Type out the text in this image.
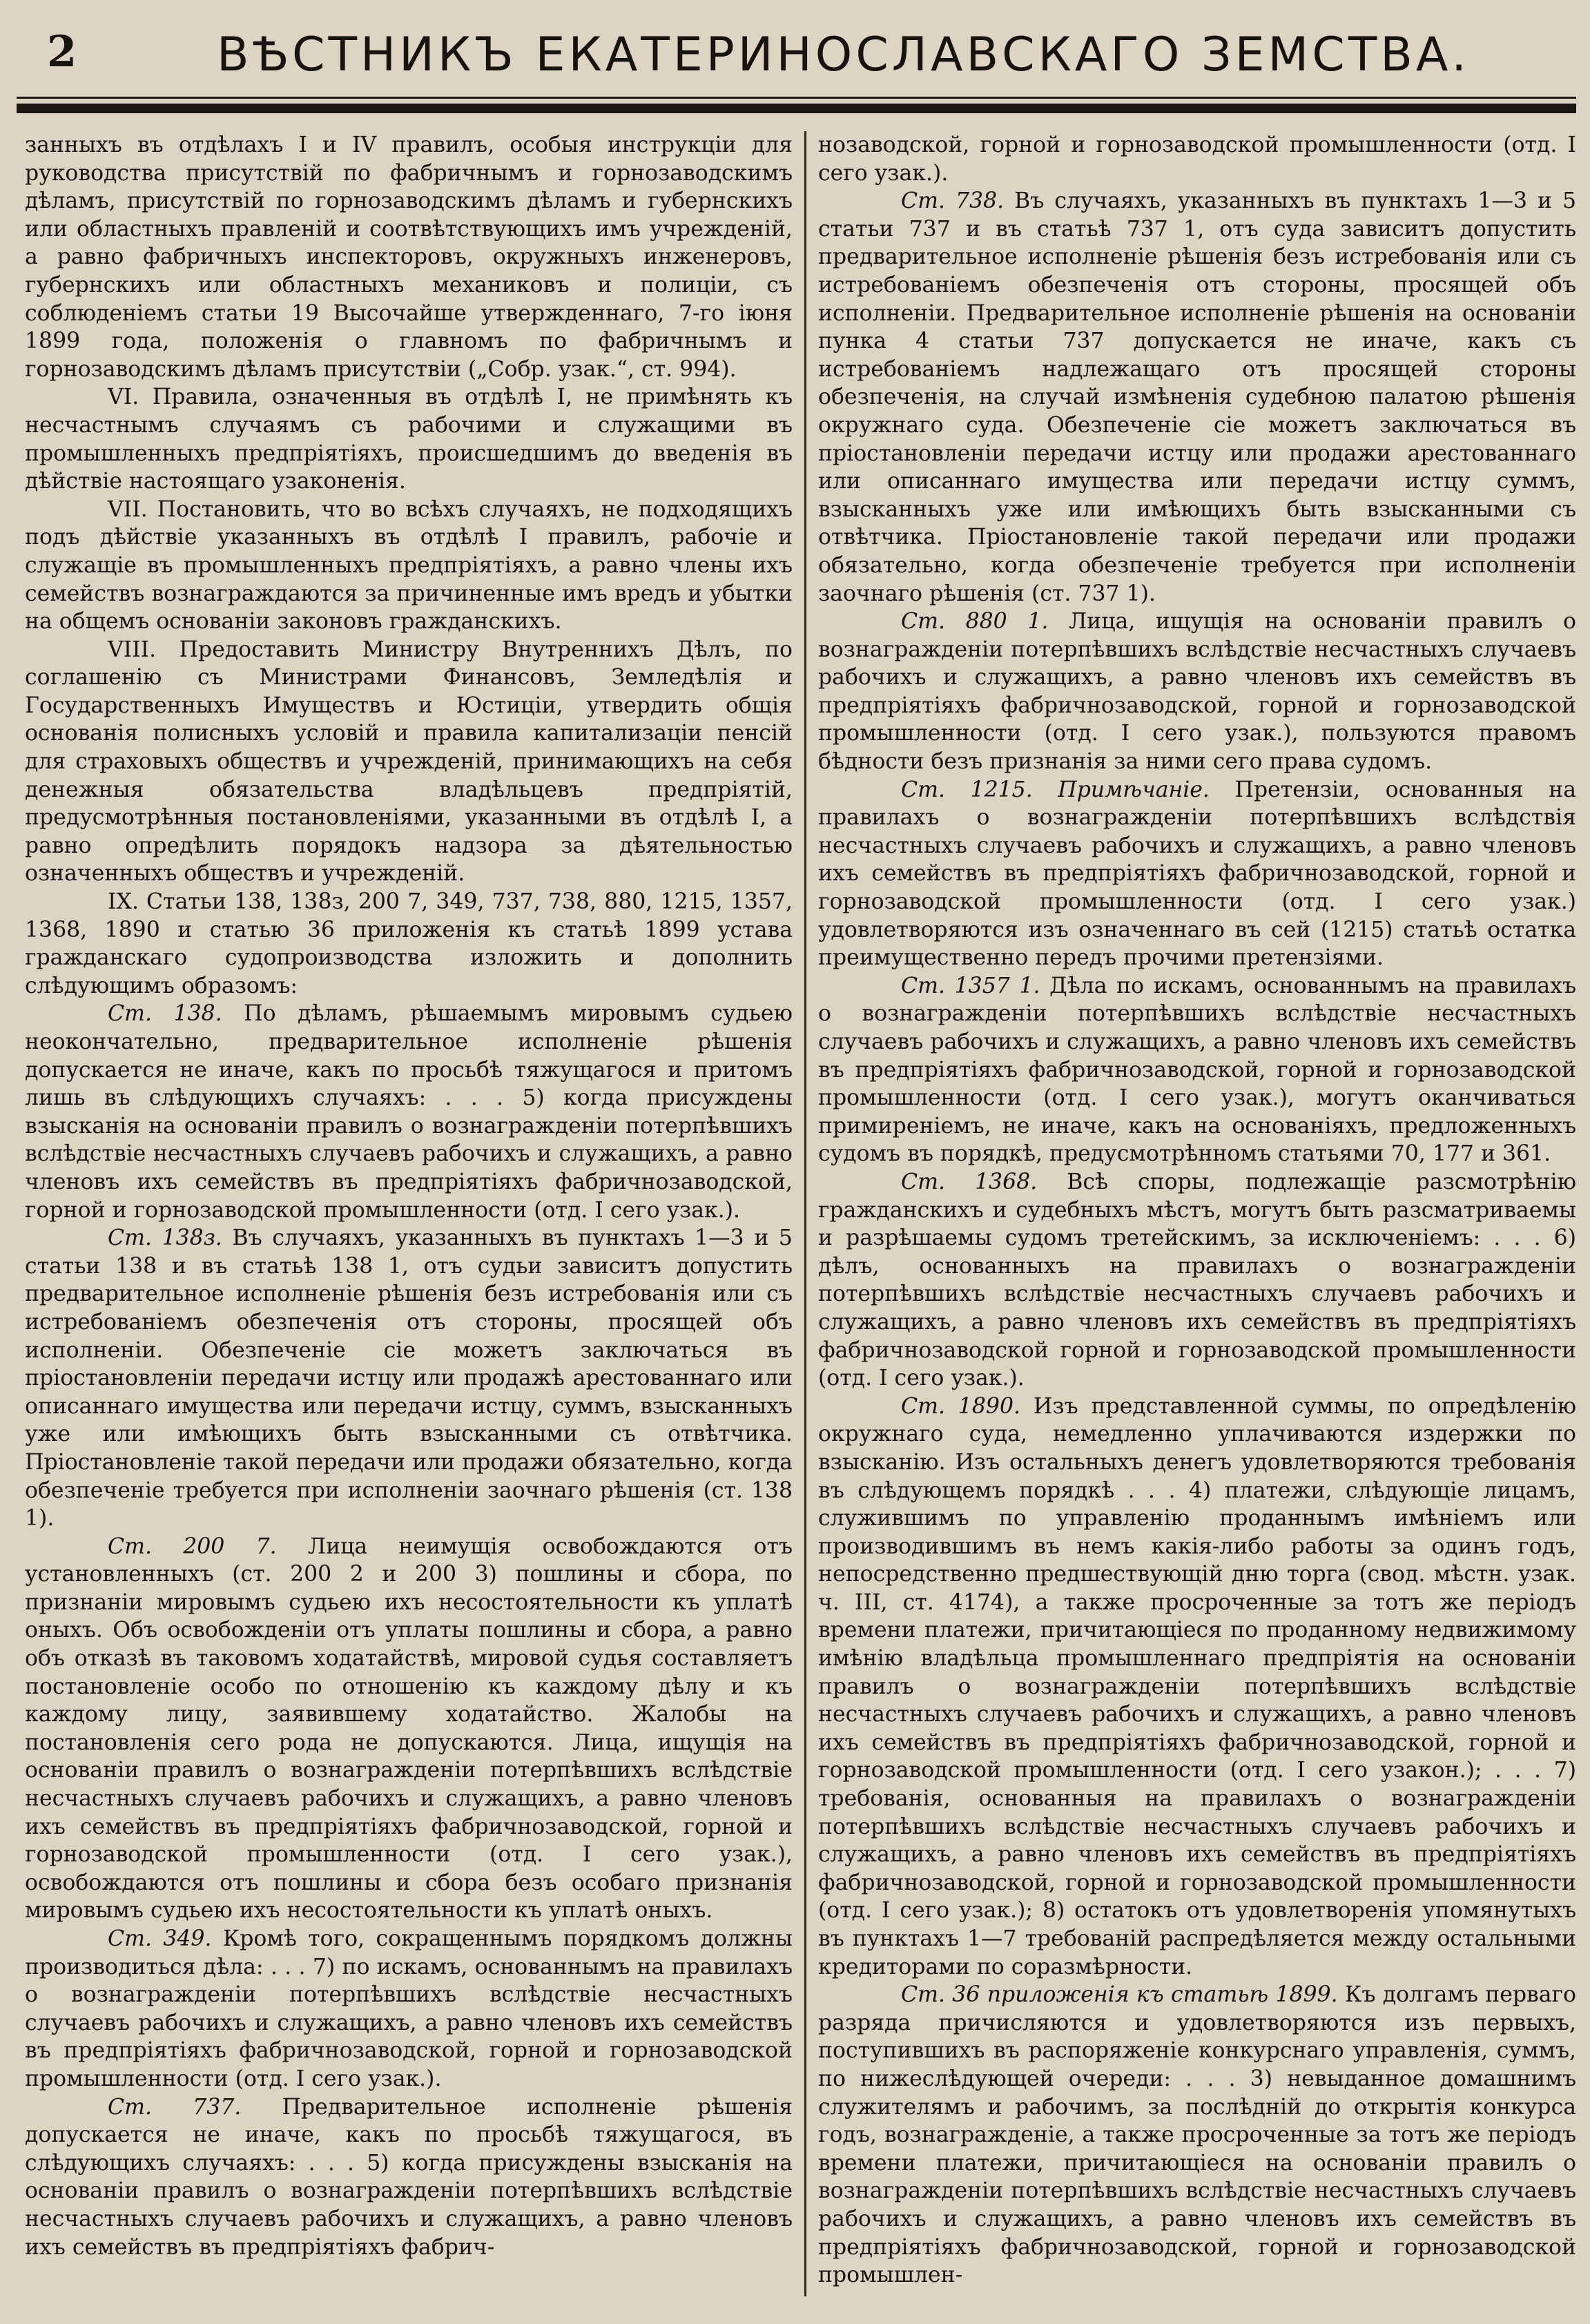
2	ВѢСТНИКЪ ЕКАТЕРИНОСЛАВСКАГО ЗЕМСТВА.

занныхъ въ отдѣлахъ I и IV правилъ, особыя инструкціи для руководства присутствій по фабричнымъ и горнозаводскимъ дѣламъ, присутствій по горнозаводскимъ дѣламъ и губернскихъ или областныхъ правленій и соотвѣтствующихъ имъ учрежденій, а равно фабричныхъ инспекторовъ, окружныхъ инженеровъ, губернскихъ или областныхъ механиковъ и полиціи, съ соблюденіемъ статьи 19 Высочайше утвержденнаго, 7-го іюня 1899 года, положенія о главномъ по фабричнымъ и горнозаводскимъ дѣламъ присутствіи („Собр. узак.“, ст. 994).

VI. Правила, означенныя въ отдѣлѣ I, не примѣнять къ несчастнымъ случаямъ съ рабочими и служащими въ промышленныхъ предпріятіяхъ, происшедшимъ до введенія въ дѣйствіе настоящаго узаконенія.

VII. Постановить, что во всѣхъ случаяхъ, не подходящихъ подъ дѣйствіе указанныхъ въ отдѣлѣ I правилъ, рабочіе и служащіе въ промышленныхъ предпріятіяхъ, а равно члены ихъ семействъ вознаграждаются за причиненные имъ вредъ и убытки на общемъ основаніи законовъ гражданскихъ.

VIII. Предоставить Министру Внутреннихъ Дѣлъ, по соглашенію съ Министрами Финансовъ, Земледѣлія и Государственныхъ Имуществъ и Юстиціи, утвердить общія основанія полисныхъ условій и правила капитализаціи пенсій для страховыхъ обществъ и учрежденій, принимающихъ на себя денежныя обязательства владѣльцевъ предпріятій, предусмотрѣнныя постановленіями, указанными въ отдѣлѣ I, а равно опредѣлить порядокъ надзора за дѣятельностью означенныхъ обществъ и учрежденій.

IX. Статьи 138, 138з, 200 7, 349, 737, 738, 880, 1215, 1357, 1368, 1890 и статью 36 приложенія къ статьѣ 1899 устава гражданскаго судопроизводства изложить и дополнить слѣдующимъ образомъ:

Ст. 138. По дѣламъ, рѣшаемымъ мировымъ судьею неокончательно, предварительное исполненіе рѣшенія допускается не иначе, какъ по просьбѣ тяжущагося и притомъ лишь въ слѣдующихъ случаяхъ: . . . 5) когда присуждены взысканія на основаніи правилъ о вознагражденіи потерпѣвшихъ вслѣдствіе несчастныхъ случаевъ рабочихъ и служащихъ, а равно членовъ ихъ семействъ въ предпріятіяхъ фабричнозаводской, горной и горнозаводской промышленности (отд. I сего узак.).

Ст. 138з. Въ случаяхъ, указанныхъ въ пунктахъ 1—3 и 5 статьи 138 и въ статьѣ 138 1, отъ судьи зависитъ допустить предварительное исполненіе рѣшенія безъ истребованія или съ истребованіемъ обезпеченія отъ стороны, просящей объ исполненіи. Обезпеченіе сіе можетъ заключаться въ пріостановленіи передачи истцу или продажѣ арестованнаго или описаннаго имущества или передачи истцу, суммъ, взысканныхъ уже или имѣющихъ быть взысканными съ отвѣтчика. Пріостановленіе такой передачи или продажи обязательно, когда обезпеченіе требуется при исполненіи заочнаго рѣшенія (ст. 138 1).

Ст. 200 7. Лица неимущія освобождаются отъ установленныхъ (ст. 200 2 и 200 3) пошлины и сбора, по признаніи мировымъ судьею ихъ несостоятельности къ уплатѣ оныхъ. Объ освобожденіи отъ уплаты пошлины и сбора, а равно объ отказѣ въ таковомъ ходатайствѣ, мировой судья составляетъ постановленіе особо по отношенію къ каждому дѣлу и къ каждому лицу, заявившему ходатайство. Жалобы на постановленія сего рода не допускаются. Лица, ищущія на основаніи правилъ о вознагражденіи потерпѣвшихъ вслѣдствіе несчастныхъ случаевъ рабочихъ и служащихъ, а равно членовъ ихъ семействъ въ предпріятіяхъ фабричнозаводской, горной и горнозаводской промышленности (отд. I сего узак.), освобождаются отъ пошлины и сбора безъ особаго признанія мировымъ судьею ихъ несостоятельности къ уплатѣ оныхъ.

Ст. 349. Кромѣ того, сокращеннымъ порядкомъ должны производиться дѣла: . . . 7) по искамъ, основаннымъ на правилахъ о вознагражденіи потерпѣвшихъ вслѣдствіе несчастныхъ случаевъ рабочихъ и служащихъ, а равно членовъ ихъ семействъ въ предпріятіяхъ фабричнозаводской, горной и горнозаводской промышленности (отд. I сего узак.).

Ст. 737. Предварительное исполненіе рѣшенія допускается не иначе, какъ по просьбѣ тяжущагося, въ слѣдующихъ случаяхъ: . . . 5) когда присуждены взысканія на основаніи правилъ о вознагражденіи потерпѣвшихъ вслѣдствіе несчастныхъ случаевъ рабочихъ и служащихъ, а равно членовъ ихъ семействъ въ предпріятіяхъ фабрич-

нозаводской, горной и горнозаводской промышленности (отд. I сего узак.).

Ст. 738. Въ случаяхъ, указанныхъ въ пунктахъ 1—3 и 5 статьи 737 и въ статьѣ 737 1, отъ суда зависитъ допустить предварительное исполненіе рѣшенія безъ истребованія или съ истребованіемъ обезпеченія отъ стороны, просящей объ исполненіи. Предварительное исполненіе рѣшенія на основаніи пунка 4 статьи 737 допускается не иначе, какъ съ истребованіемъ надлежащаго отъ просящей стороны обезпеченія, на случай измѣненія судебною палатою рѣшенія окружнаго суда. Обезпеченіе сіе можетъ заключаться въ пріостановленіи передачи истцу или продажи арестованнаго или описаннаго имущества или передачи истцу суммъ, взысканныхъ уже или имѣющихъ быть взысканными съ отвѣтчика. Пріостановленіе такой передачи или продажи обязательно, когда обезпеченіе требуется при исполненіи заочнаго рѣшенія (ст. 737 1).

Ст. 880 1. Лица, ищущія на основаніи правилъ о вознагражденіи потерпѣвшихъ вслѣдствіе несчастныхъ случаевъ рабочихъ и служащихъ, а равно членовъ ихъ семействъ въ предпріятіяхъ фабричнозаводской, горной и горнозаводской промышленности (отд. I сего узак.), пользуются правомъ бѣдности безъ признанія за ними сего права судомъ.

Ст. 1215. Примѣчаніе. Претензіи, основанныя на правилахъ о вознагражденіи потерпѣвшихъ вслѣдствія несчастныхъ случаевъ рабочихъ и служащихъ, а равно членовъ ихъ семействъ въ предпріятіяхъ фабричнозаводской, горной и горнозаводской промышленности (отд. I сего узак.) удовлетворяются изъ означеннаго въ сей (1215) статьѣ остатка преимущественно передъ прочими претензіями.

Ст. 1357 1. Дѣла по искамъ, основаннымъ на правилахъ о вознагражденіи потерпѣвшихъ вслѣдствіе несчастныхъ случаевъ рабочихъ и служащихъ, а равно членовъ ихъ семействъ въ предпріятіяхъ фабричнозаводской, горной и горнозаводской промышленности (отд. I сего узак.), могутъ оканчиваться примиреніемъ, не иначе, какъ на основаніяхъ, предложенныхъ судомъ въ порядкѣ, предусмотрѣнномъ статьями 70, 177 и 361.

Ст. 1368. Всѣ споры, подлежащіе разсмотрѣнію гражданскихъ и судебныхъ мѣстъ, могутъ быть разсматриваемы и разрѣшаемы судомъ третейскимъ, за исключеніемъ: . . . 6) дѣлъ, основанныхъ на правилахъ о вознагражденіи потерпѣвшихъ вслѣдствіе несчастныхъ случаевъ рабочихъ и служащихъ, а равно членовъ ихъ семействъ въ предпріятіяхъ фабричнозаводской горной и горнозаводской промышленности (отд. I сего узак.).

Ст. 1890. Изъ представленной суммы, по опредѣленію окружнаго суда, немедленно уплачиваются издержки по взысканію. Изъ остальныхъ денегъ удовлетворяются требованія въ слѣдующемъ порядкѣ . . . 4) платежи, слѣдующіе лицамъ, служившимъ по управленію проданнымъ имѣніемъ или производившимъ въ немъ какія-либо работы за одинъ годъ, непосредственно предшествующій дню торга (свод. мѣстн. узак. ч. III, ст. 4174), а также просроченные за тотъ же періодъ времени платежи, причитающіеся по проданному недвижимому имѣнію владѣльца промышленнаго предпріятія на основаніи правилъ о вознагражденіи потерпѣвшихъ вслѣдствіе несчастныхъ случаевъ рабочихъ и служащихъ, а равно членовъ ихъ семействъ въ предпріятіяхъ фабричнозаводской, горной и горнозаводской промышленности (отд. I сего узакон.); . . . 7) требованія, основанныя на правилахъ о вознагражденіи потерпѣвшихъ вслѣдствіе несчастныхъ случаевъ рабочихъ и служащихъ, а равно членовъ ихъ семействъ въ предпріятіяхъ фабричнозаводской, горной и горнозаводской промышленности (отд. I сего узак.); 8) остатокъ отъ удовлетворенія упомянутыхъ въ пунктахъ 1—7 требованій распредѣляется между остальными кредиторами по соразмѣрности.

Ст. 36 приложенія къ статьѣ 1899. Къ долгамъ перваго разряда причисляются и удовлетворяются изъ первыхъ, поступившихъ въ распоряженіе конкурснаго управленія, суммъ, по нижеслѣдующей очереди: . . . 3) невыданное домашнимъ служителямъ и рабочимъ, за послѣдній до открытія конкурса годъ, вознагражденіе, а также просроченные за тотъ же періодъ времени платежи, причитающіеся на основаніи правилъ о вознагражденіи потерпѣвшихъ вслѣдствіе несчастныхъ случаевъ рабочихъ и служащихъ, а равно членовъ ихъ семействъ въ предпріятіяхъ фабричнозаводской, горной и горнозаводской промышлен-
